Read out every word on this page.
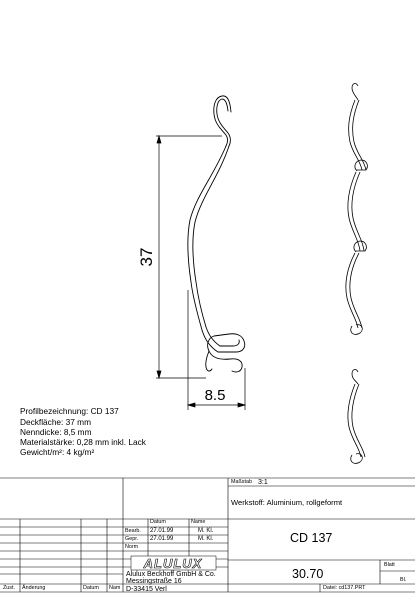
37
8.5
ALULUX
Profilbezeichnung: CD 137
Deckfläche: 37 mm
Nenndicke: 8,5 mm
Materialstärke: 0,28 mm inkl. Lack
Gewicht/m²: 4 kg/m²
Maßstab 3:1
Werkstoff: Aluminium, rollgeformt
Datum	Name
Bearb. 27.01.99	M. Kl.
Gepr. 27.01.99	M. Kl.
Norm
Alulux Beckhoff GmbH & Co.
Messingstraße 16
D-33415 Verl
CD 137
30.70
Blatt
Bl.
Datei: cd137.PRT
Zust. Änderung	Datum Nam
